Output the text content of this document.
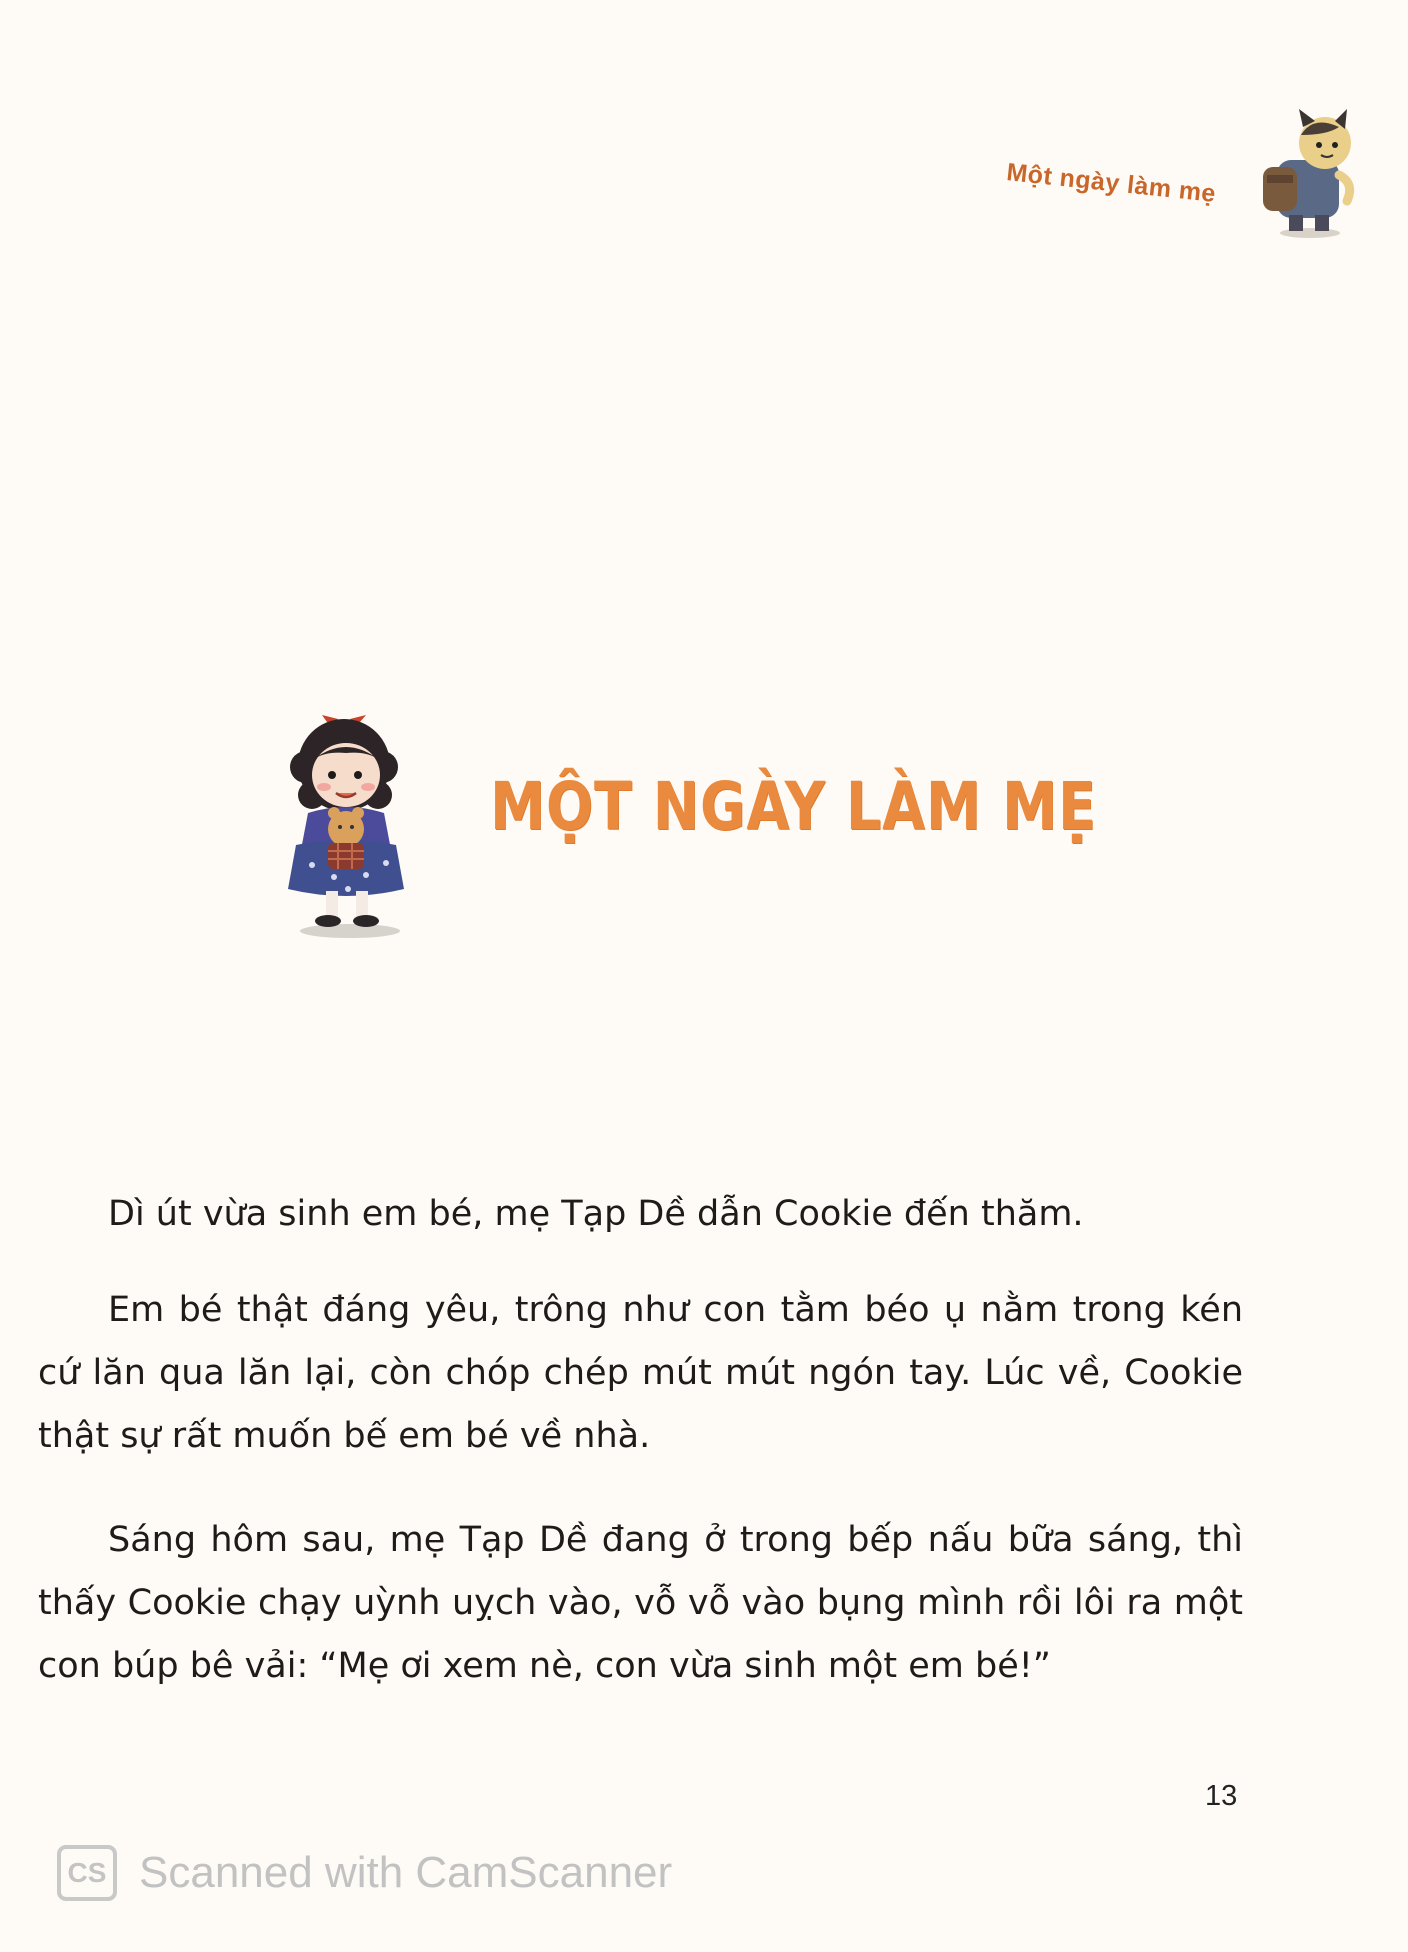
Một ngày làm mẹ
MỘT NGÀY LÀM MẸ

Dì út vừa sinh em bé, mẹ Tạp Dề dẫn Cookie đến thăm.

Em bé thật đáng yêu, trông như con tằm béo ụ nằm trong kén cứ lăn qua lăn lại, còn chóp chép mút mút ngón tay. Lúc về, Cookie thật sự rất muốn bế em bé về nhà.

Sáng hôm sau, mẹ Tạp Dề đang ở trong bếp nấu bữa sáng, thì thấy Cookie chạy uỳnh uỵch vào, vỗ vỗ vào bụng mình rồi lôi ra một con búp bê vải: “Mẹ ơi xem nè, con vừa sinh một em bé!”

13
CS Scanned with CamScanner
